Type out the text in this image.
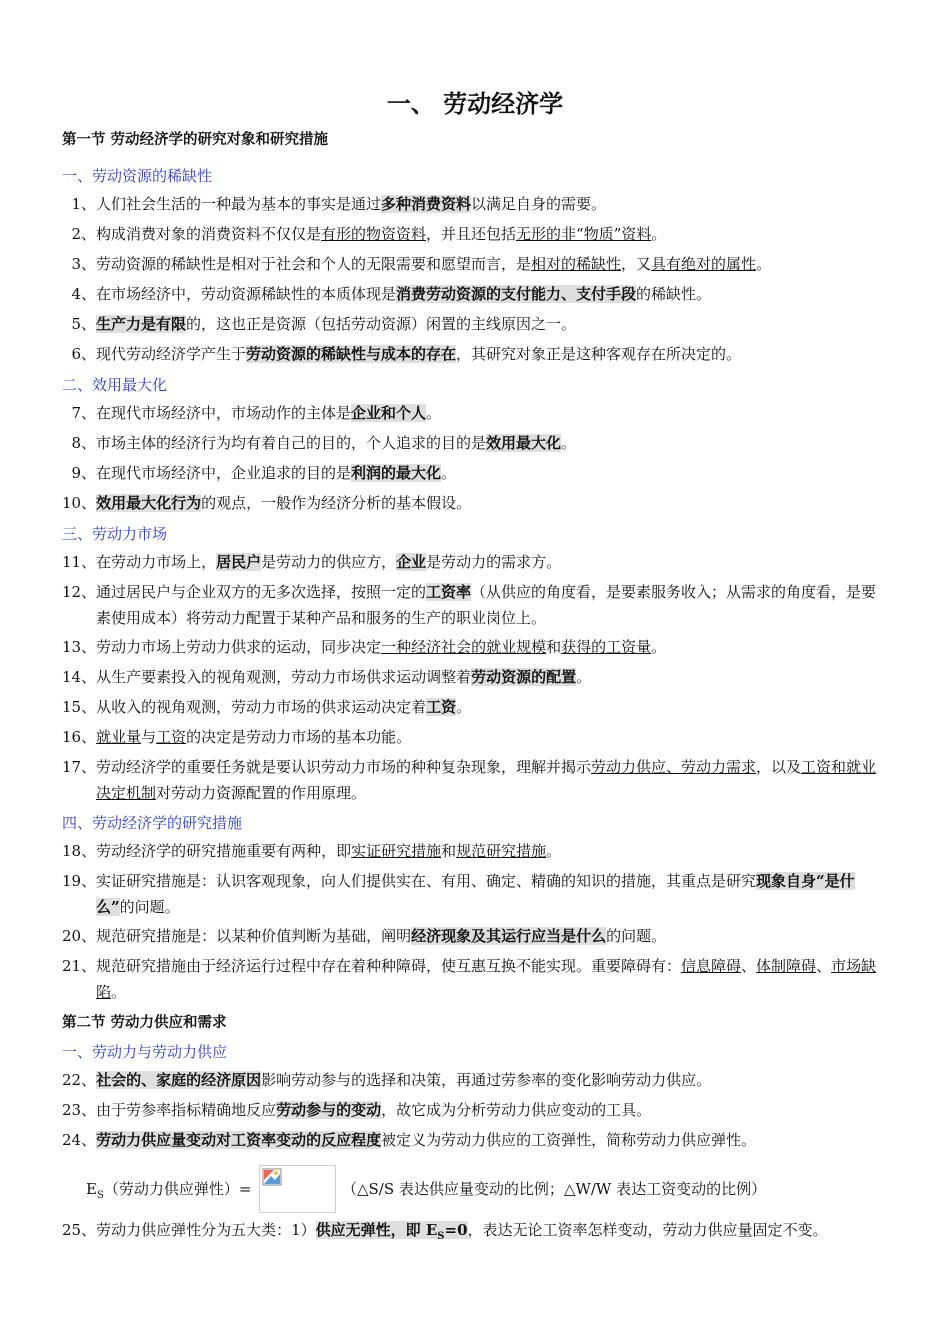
一、 劳动经济学
第一节 劳动经济学的研究对象和研究措施
一、劳动资源的稀缺性
1、人们社会生活的一种最为基本的事实是通过多种消费资料以满足自身的需要。
2、构成消费对象的消费资料不仅仅是有形的物资资料，并且还包括无形的非“物质”资料。
3、劳动资源的稀缺性是相对于社会和个人的无限需要和愿望而言，是相对的稀缺性，又具有绝对的属性。
4、在市场经济中，劳动资源稀缺性的本质体现是消费劳动资源的支付能力、支付手段的稀缺性。
5、生产力是有限的，这也正是资源（包括劳动资源）闲置的主线原因之一。
6、现代劳动经济学产生于劳动资源的稀缺性与成本的存在，其研究对象正是这种客观存在所决定的。
二、效用最大化
7、在现代市场经济中，市场动作的主体是企业和个人。
8、市场主体的经济行为均有着自己的目的，个人追求的目的是效用最大化。
9、在现代市场经济中，企业追求的目的是利润的最大化。
10、效用最大化行为的观点，一般作为经济分析的基本假设。
三、劳动力市场
11、在劳动力市场上，居民户是劳动力的供应方，企业是劳动力的需求方。
12、 通过居民户与企业双方的无多次选择，按照一定的工资率（从供应的角度看，是要素服务收入；从需求的角度看，是要素使用成本）将劳动力配置于某种产品和服务的生产的职业岗位上。
13、劳动力市场上劳动力供求的运动，同步决定一种经济社会的就业规模和获得的工资量。
14、从生产要素投入的视角观测，劳动力市场供求运动调整着劳动资源的配置。
15、从收入的视角观测，劳动力市场的供求运动决定着工资。
16、就业量与工资的决定是劳动力市场的基本功能。
17、 劳动经济学的重要任务就是要认识劳动力市场的种种复杂现象，理解并揭示劳动力供应、劳动力需求，以及工资和就业决定机制对劳动力资源配置的作用原理。
四、劳动经济学的研究措施
18、劳动经济学的研究措施重要有两种，即实证研究措施和规范研究措施。
19、 实证研究措施是：认识客观现象，向人们提供实在、有用、确定、精确的知识的措施，其重点是研究现象自身“是什么”的问题。
20、规范研究措施是：以某种价值判断为基础，阐明经济现象及其运行应当是什么的问题。
21、 规范研究措施由于经济运行过程中存在着种种障碍，使互惠互换不能实现。重要障碍有：信息障碍、体制障碍、市场缺陷。
第二节 劳动力供应和需求
一、劳动力与劳动力供应
22、社会的、家庭的经济原因影响劳动参与的选择和决策，再通过劳参率的变化影响劳动力供应。
23、由于劳参率指标精确地反应劳动参与的变动，故它成为分析劳动力供应变动的工具。
24、劳动力供应量变动对工资率变动的反应程度被定义为劳动力供应的工资弹性，简称劳动力供应弹性。
$E_S$（劳动力供应弹性）=	（△S/S 表达供应量变动的比例；△W/W 表达工资变动的比例）
25、劳动力供应弹性分为五大类：1）供应无弹性，即 $E_S=0$，表达无论工资率怎样变动，劳动力供应量固定不变。
